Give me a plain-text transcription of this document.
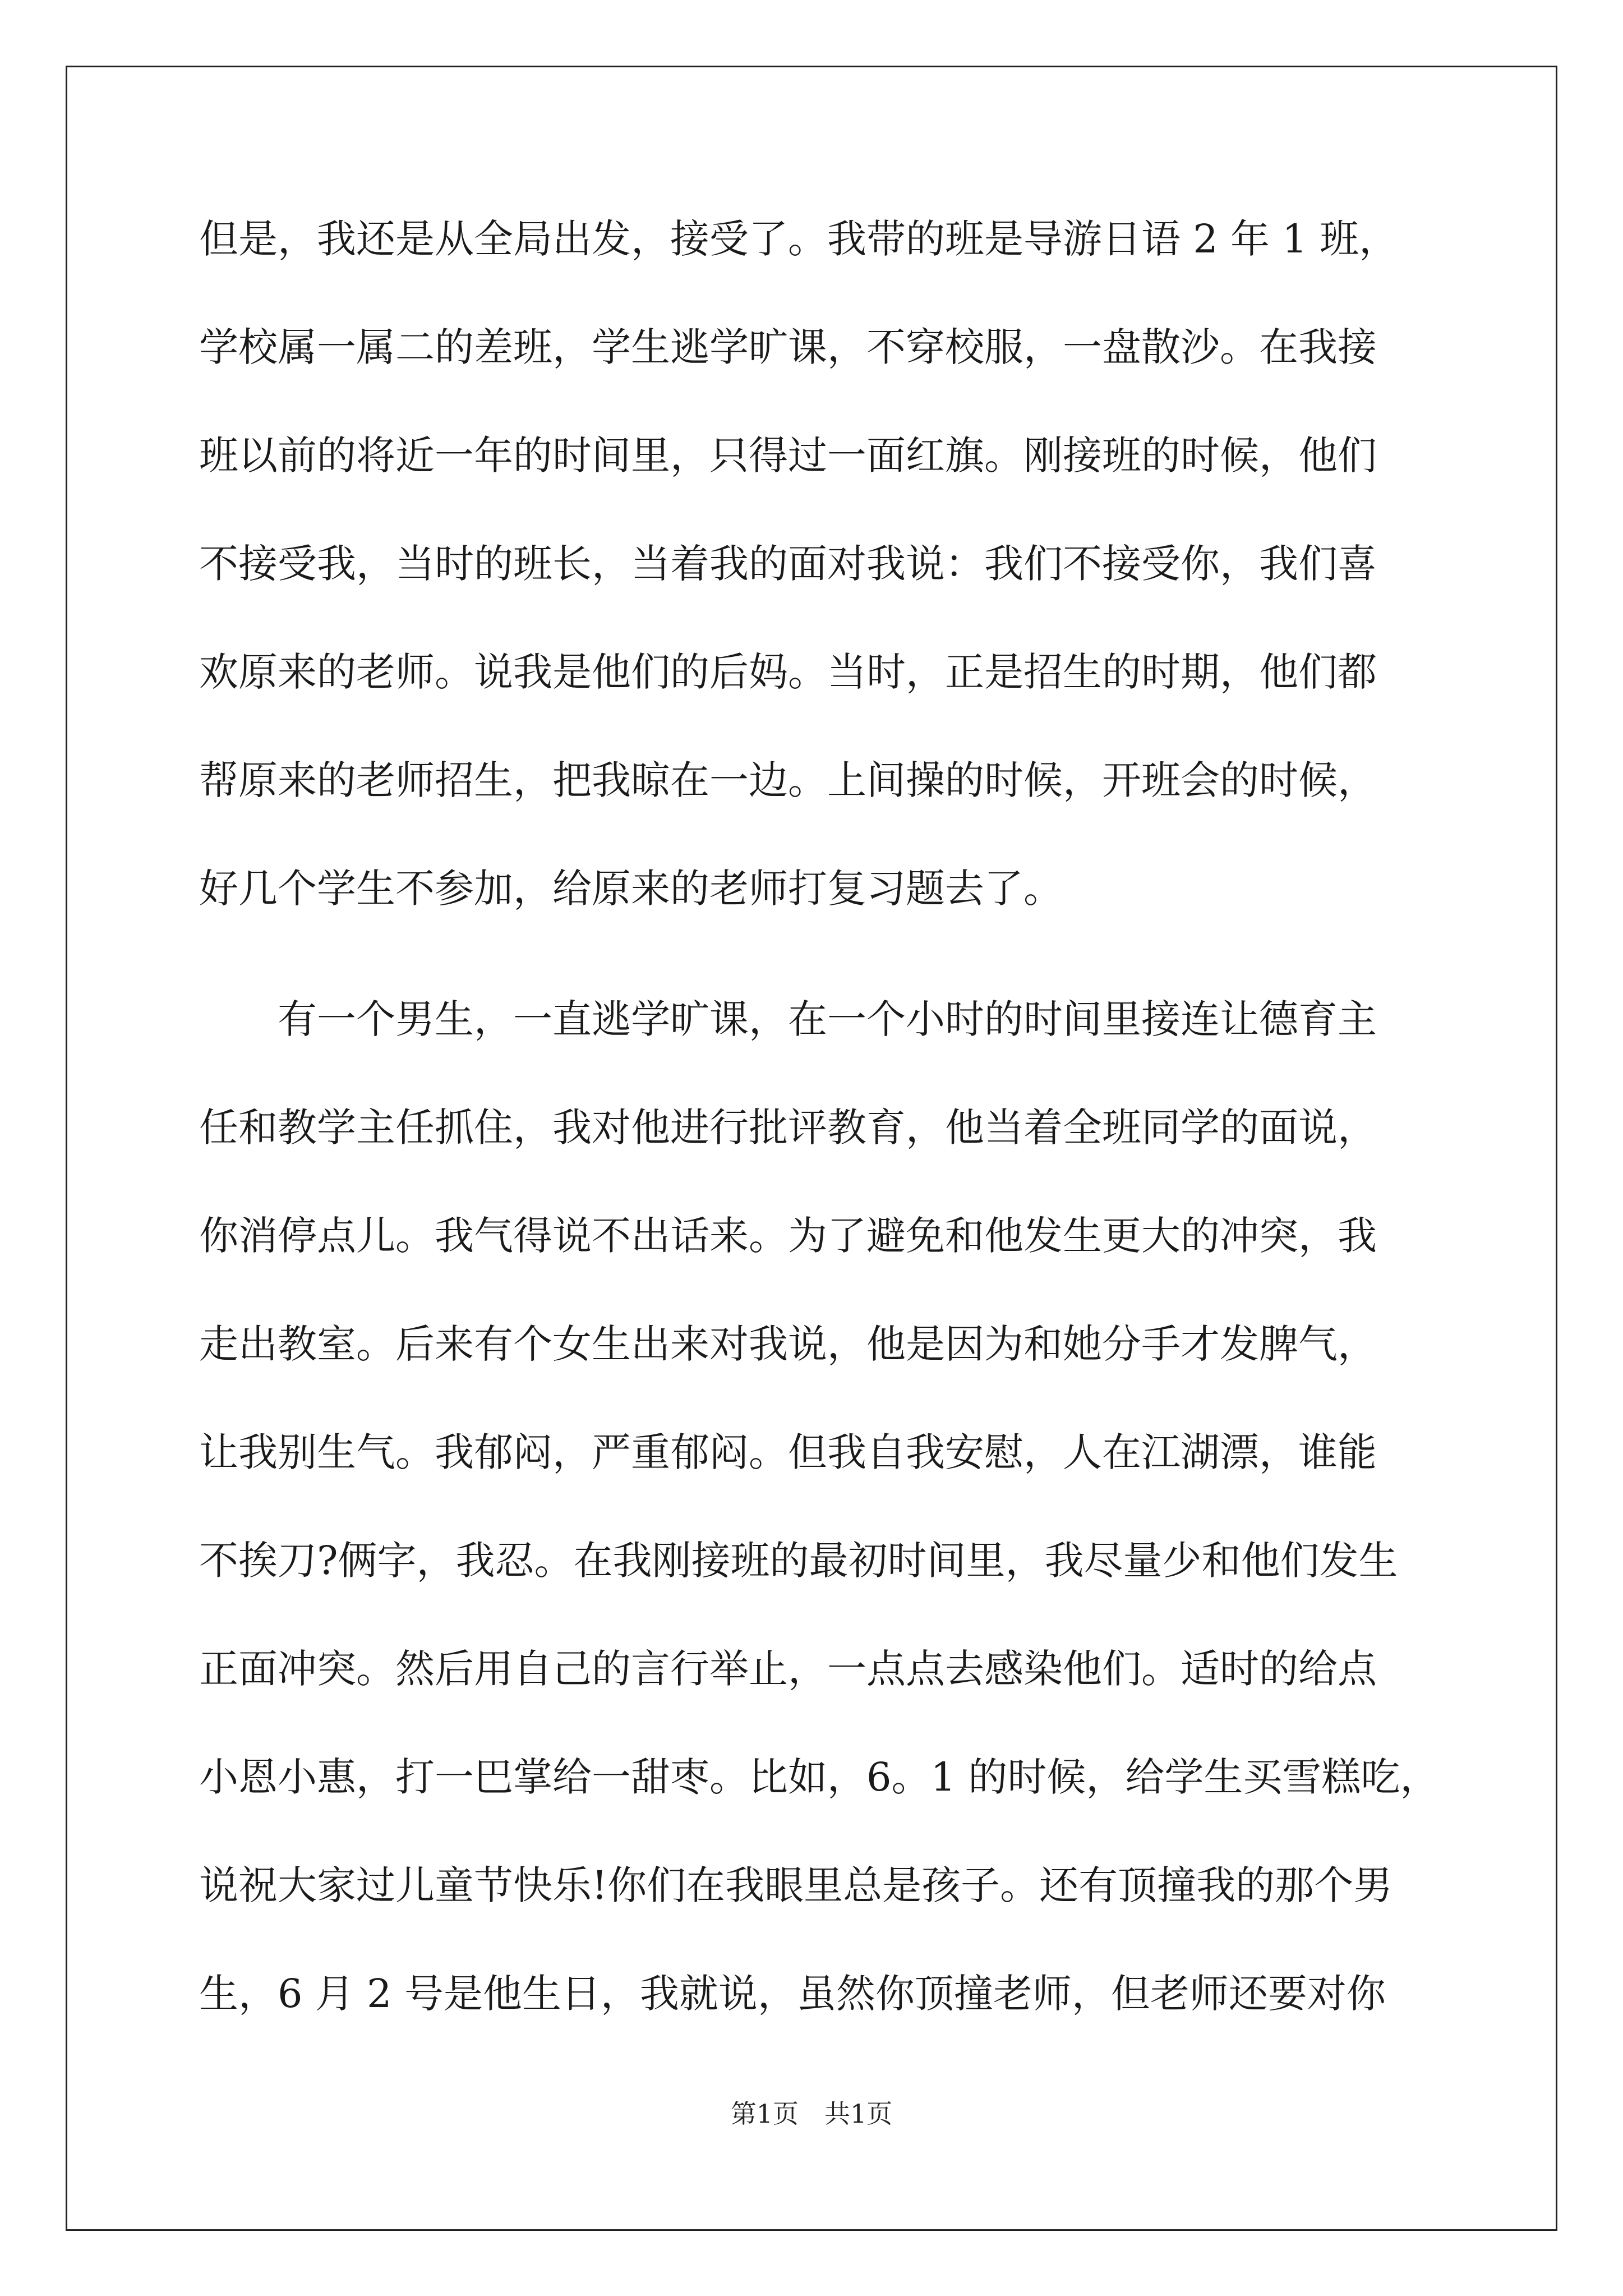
但是，我还是从全局出发，接受了。我带的班是导游日语 2 年 1 班，
学校属一属二的差班，学生逃学旷课，不穿校服，一盘散沙。在我接
班以前的将近一年的时间里，只得过一面红旗。刚接班的时候，他们
不接受我，当时的班长，当着我的面对我说：我们不接受你，我们喜
欢原来的老师。说我是他们的后妈。当时，正是招生的时期，他们都
帮原来的老师招生，把我晾在一边。上间操的时候，开班会的时候，
好几个学生不参加，给原来的老师打复习题去了。
　　有一个男生，一直逃学旷课，在一个小时的时间里接连让德育主
任和教学主任抓住，我对他进行批评教育，他当着全班同学的面说，
你消停点儿。我气得说不出话来。为了避免和他发生更大的冲突，我
走出教室。后来有个女生出来对我说，他是因为和她分手才发脾气，
让我别生气。我郁闷，严重郁闷。但我自我安慰，人在江湖漂，谁能
不挨刀?俩字，我忍。在我刚接班的最初时间里，我尽量少和他们发生
正面冲突。然后用自己的言行举止，一点点去感染他们。适时的给点
小恩小惠，打一巴掌给一甜枣。比如，6。1 的时候，给学生买雪糕吃，
说祝大家过儿童节快乐!你们在我眼里总是孩子。还有顶撞我的那个男
生，6 月 2 号是他生日，我就说，虽然你顶撞老师，但老师还要对你
第1页　共1页
